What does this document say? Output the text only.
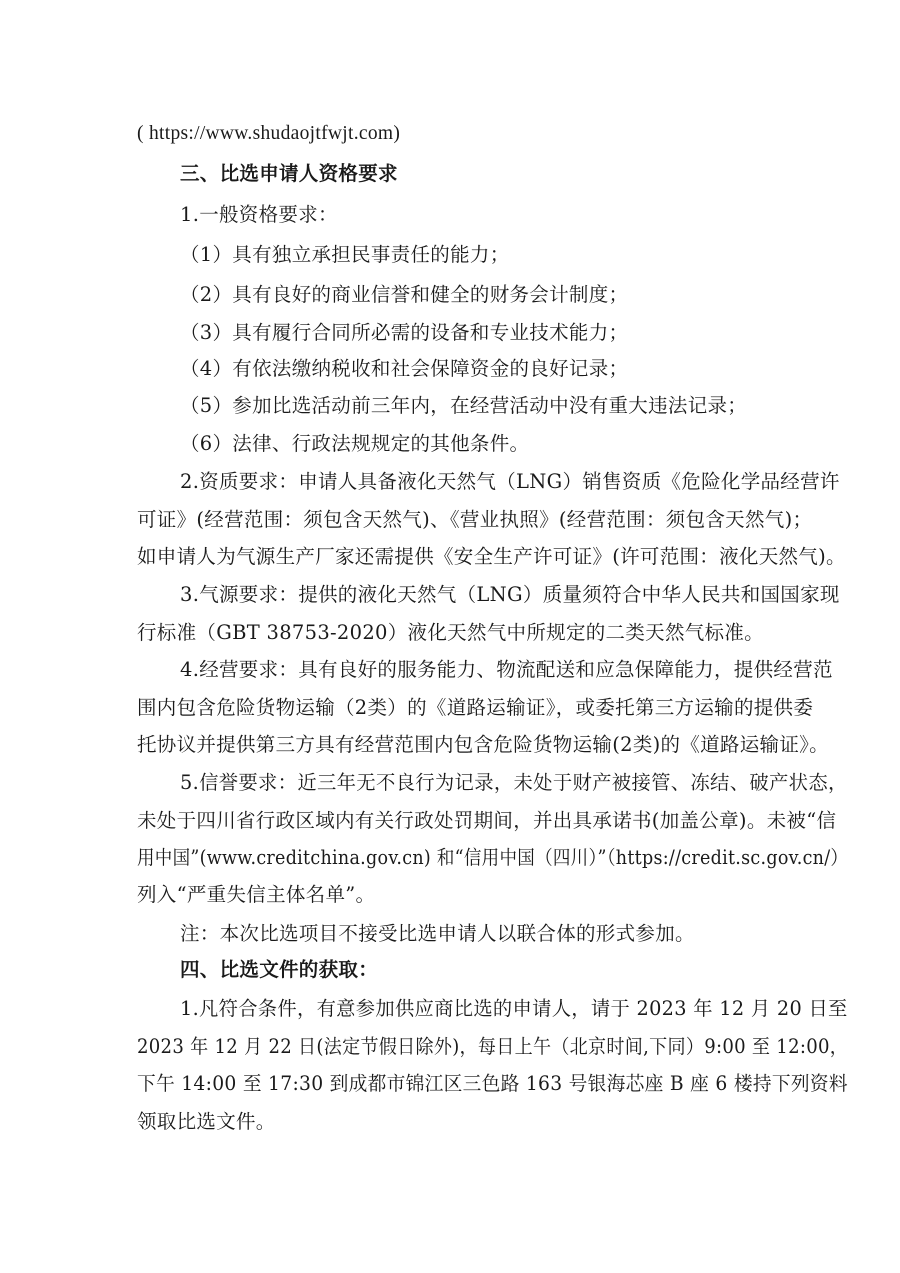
( https://www.shudaojtfwjt.com)
三、比选申请人资格要求
1.一般资格要求：
（1）具有独立承担民事责任的能力；
（2）具有良好的商业信誉和健全的财务会计制度；
（3）具有履行合同所必需的设备和专业技术能力；
（4）有依法缴纳税收和社会保障资金的良好记录；
（5）参加比选活动前三年内，在经营活动中没有重大违法记录；
（6）法律、行政法规规定的其他条件。
2.资质要求：申请人具备液化天然气（LNG）销售资质《危险化学品经营许
可证》(经营范围：须包含天然气)、《营业执照》(经营范围：须包含天然气)；
如申请人为气源生产厂家还需提供《安全生产许可证》(许可范围：液化天然气)。
3.气源要求：提供的液化天然气（LNG）质量须符合中华人民共和国国家现
行标准（GBT 38753-2020）液化天然气中所规定的二类天然气标准。
4.经营要求：具有良好的服务能力、物流配送和应急保障能力，提供经营范
围内包含危险货物运输（2类）的《道路运输证》，或委托第三方运输的提供委
托协议并提供第三方具有经营范围内包含危险货物运输(2类)的《道路运输证》。
5.信誉要求：近三年无不良行为记录，未处于财产被接管、冻结、破产状态，
未处于四川省行政区域内有关行政处罚期间，并出具承诺书(加盖公章)。未被“信
用中国”(www.creditchina.gov.cn) 和“信用中国（四川）”（https://credit.sc.gov.cn/）
列入“严重失信主体名单”。
注：本次比选项目不接受比选申请人以联合体的形式参加。
四、比选文件的获取：
1.凡符合条件，有意参加供应商比选的申请人，请于 2023 年 12 月 20 日至
2023 年 12 月 22 日(法定节假日除外)，每日上午（北京时间,下同）9:00 至 12:00，
下午 14:00 至 17:30 到成都市锦江区三色路 163 号银海芯座 B 座 6 楼持下列资料
领取比选文件。
